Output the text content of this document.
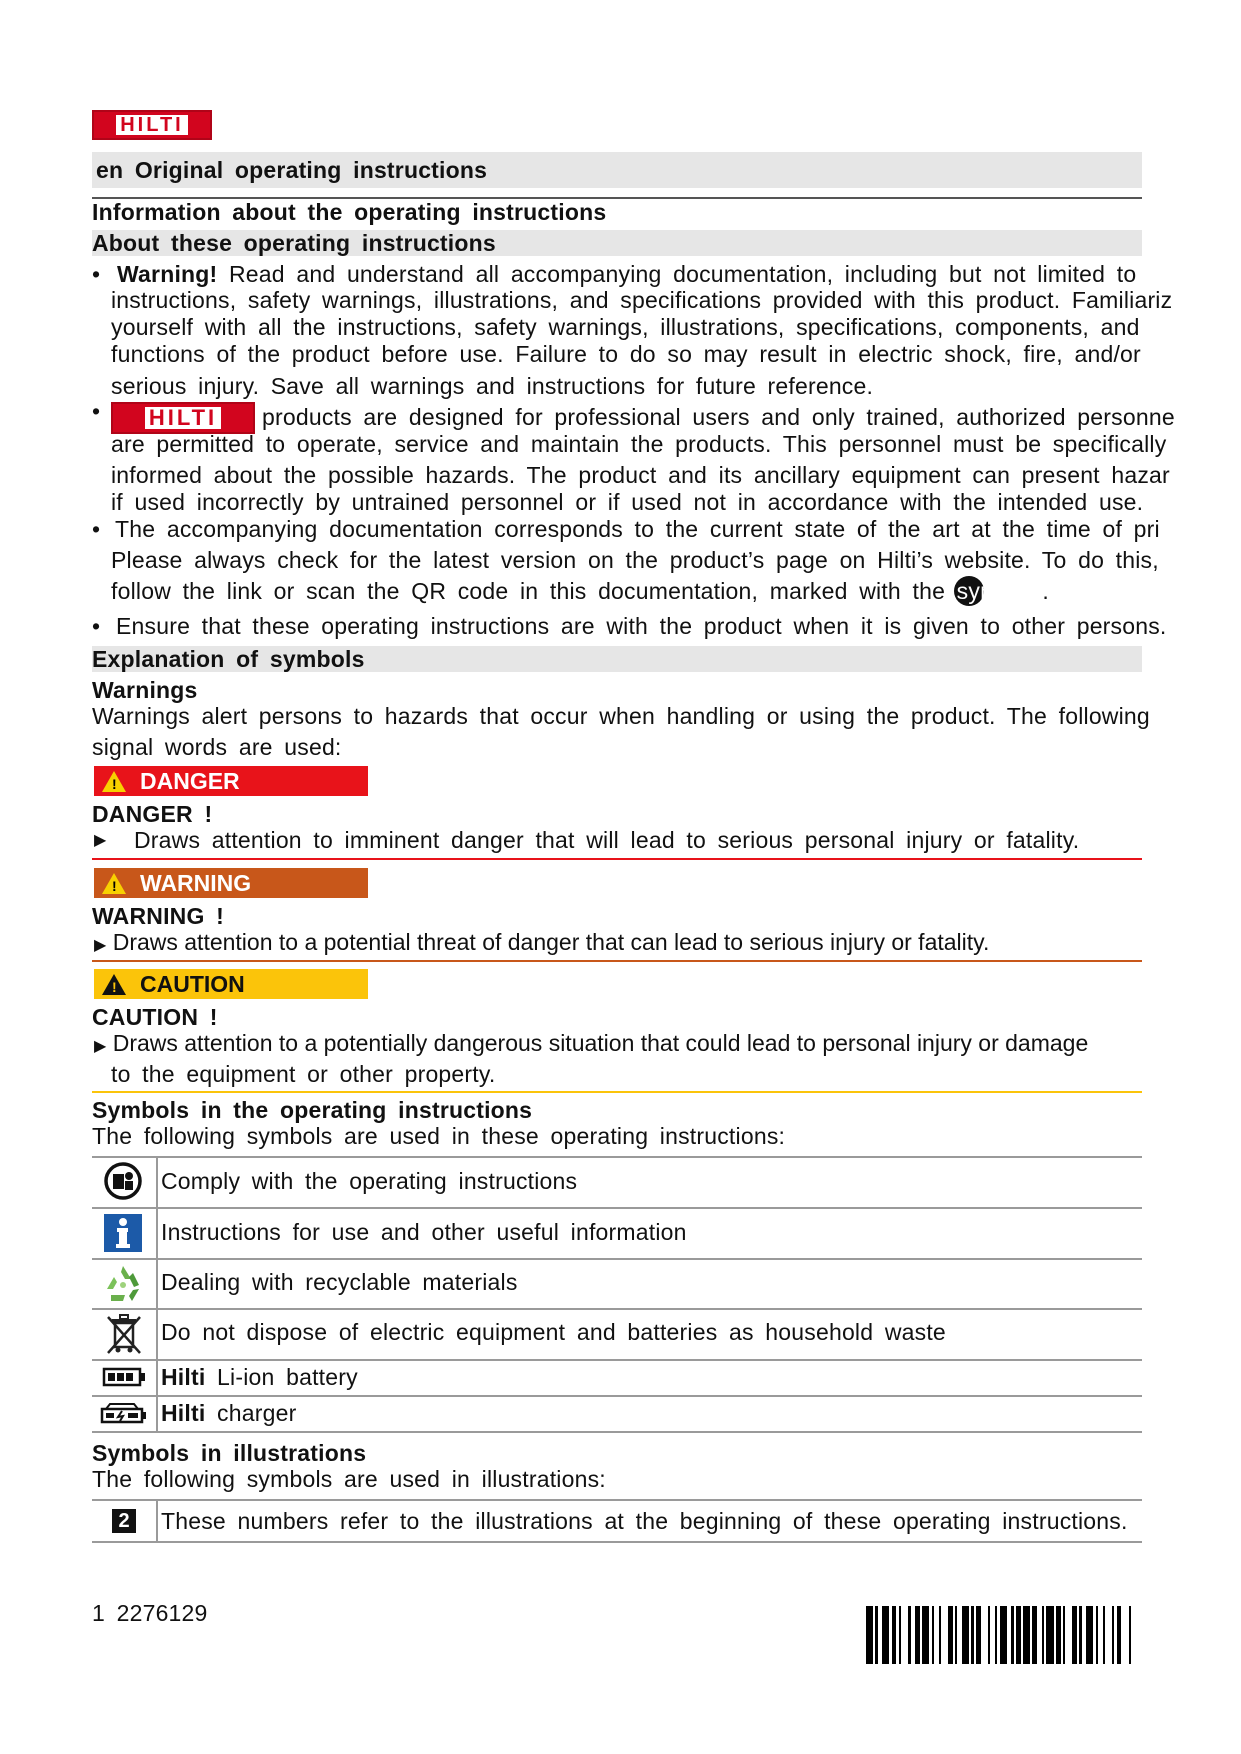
HILTI
en Original operating instructions
Information about the operating instructions
About these operating instructions
• Warning! Read and understand all accompanying documentation, including but not limited to
instructions, safety warnings, illustrations, and specifications provided with this product. Familiariz
yourself with all the instructions, safety warnings, illustrations, specifications, components, and
functions of the product before use. Failure to do so may result in electric shock, fire, and/or
serious injury. Save all warnings and instructions for future reference.
• HILTI products are designed for professional users and only trained, authorized personne
are permitted to operate, service and maintain the products. This personnel must be specifically
informed about the possible hazards. The product and its ancillary equipment can present hazar
if used incorrectly by untrained personnel or if used not in accordance with the intended use.
• The accompanying documentation corresponds to the current state of the art at the time of pri
Please always check for the latest version on the product’s page on Hilti’s website. To do this,
follow the link or scan the QR code in this documentation, marked with the symbol .
• Ensure that these operating instructions are with the product when it is given to other persons.
Explanation of symbols
Warnings
Warnings alert persons to hazards that occur when handling or using the product. The following
signal words are used:
! DANGER
DANGER !
▶ Draws attention to imminent danger that will lead to serious personal injury or fatality.
! WARNING
WARNING !
▶ Draws attention to a potential threat of danger that can lead to serious injury or fatality.
! CAUTION
CAUTION !
▶ Draws attention to a potentially dangerous situation that could lead to personal injury or damage
to the equipment or other property.
Symbols in the operating instructions
The following symbols are used in these operating instructions:
Comply with the operating instructions
Instructions for use and other useful information
Dealing with recyclable materials
Do not dispose of electric equipment and batteries as household waste
Hilti Li-ion battery
Hilti charger
Symbols in illustrations
The following symbols are used in illustrations:
2 These numbers refer to the illustrations at the beginning of these operating instructions.
1 2276129
